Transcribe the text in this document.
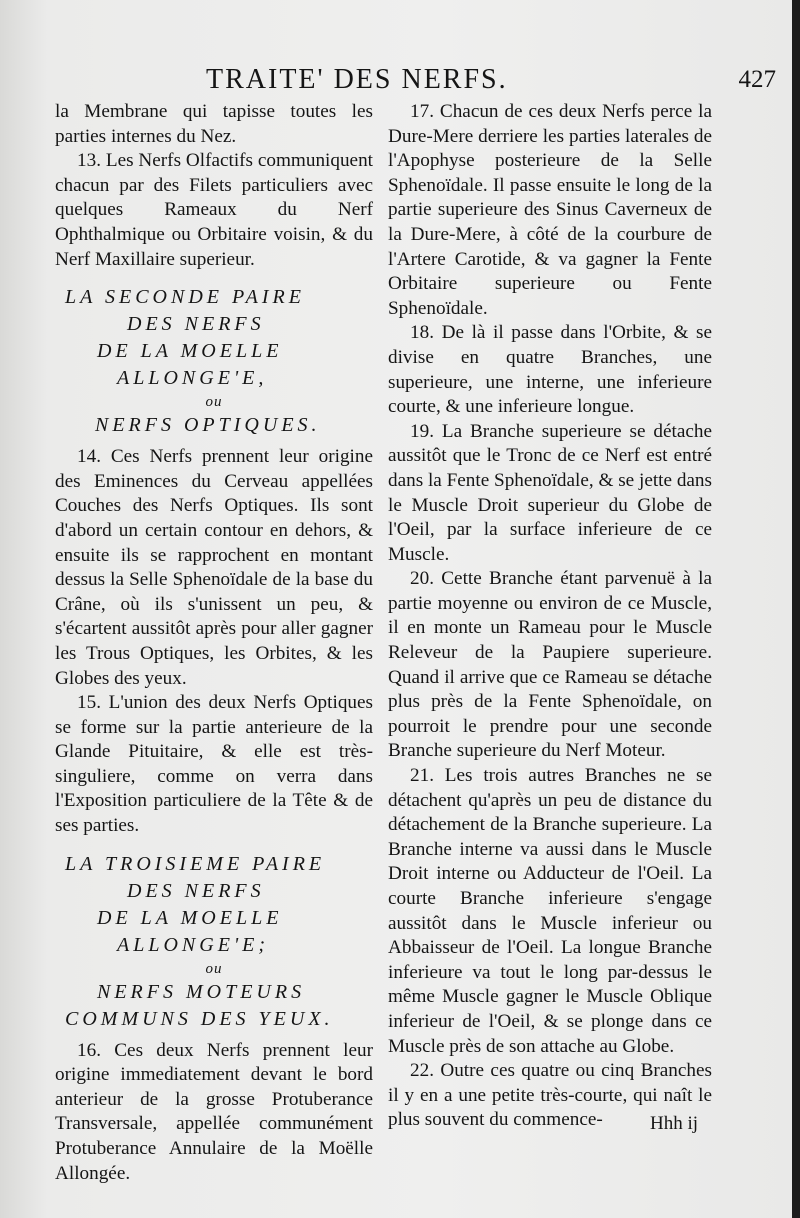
TRAITE' DES NERFS.	427

la Membrane qui tapisse toutes les parties internes du Nez.

13. Les Nerfs Olfactifs communiquent chacun par des Filets particuliers avec quelques Rameaux du Nerf Ophthalmique ou Orbitaire voisin, & du Nerf Maxillaire superieur.

LA SECONDE PAIRE

DES NERFS

DE LA MOELLE

ALLONGE'E,

ou

NERFS OPTIQUES.

14. Ces Nerfs prennent leur origine des Eminences du Cerveau appellées Couches des Nerfs Optiques. Ils sont d'abord un certain contour en dehors, & ensuite ils se rapprochent en montant dessus la Selle Sphenoïdale de la base du Crâne, où ils s'unissent un peu, & s'écartent aussitôt après pour aller gagner les Trous Optiques, les Orbites, & les Globes des yeux.

15. L'union des deux Nerfs Optiques se forme sur la partie anterieure de la Glande Pituitaire, & elle est très-singuliere, comme on verra dans l'Exposition particuliere de la Tête & de ses parties.

LA TROISIEME PAIRE

DES NERFS

DE LA MOELLE

ALLONGE'E;

ou

NERFS MOTEURS

COMMUNS DES YEUX.

16. Ces deux Nerfs prennent leur origine immediatement devant le bord anterieur de la grosse Protuberance Transversale, appellée communément Protuberance Annulaire de la Moëlle Allongée.

17. Chacun de ces deux Nerfs perce la Dure-Mere derriere les parties laterales de l'Apophyse posterieure de la Selle Sphenoïdale. Il passe ensuite le long de la partie superieure des Sinus Caverneux de la Dure-Mere, à côté de la courbure de l'Artere Carotide, & va gagner la Fente Orbitaire superieure ou Fente Sphenoïdale.

18. De là il passe dans l'Orbite, & se divise en quatre Branches, une superieure, une interne, une inferieure courte, & une inferieure longue.

19. La Branche superieure se détache aussitôt que le Tronc de ce Nerf est entré dans la Fente Sphenoïdale, & se jette dans le Muscle Droit superieur du Globe de l'Oeil, par la surface inferieure de ce Muscle.

20. Cette Branche étant parvenuë à la partie moyenne ou environ de ce Muscle, il en monte un Rameau pour le Muscle Releveur de la Paupiere superieure. Quand il arrive que ce Rameau se détache plus près de la Fente Sphenoïdale, on pourroit le prendre pour une seconde Branche superieure du Nerf Moteur.

21. Les trois autres Branches ne se détachent qu'après un peu de distance du détachement de la Branche superieure. La Branche interne va aussi dans le Muscle Droit interne ou Adducteur de l'Oeil. La courte Branche inferieure s'engage aussitôt dans le Muscle inferieur ou Abbaisseur de l'Oeil. La longue Branche inferieure va tout le long par-dessus le même Muscle gagner le Muscle Oblique inferieur de l'Oeil, & se plonge dans ce Muscle près de son attache au Globe.

22. Outre ces quatre ou cinq Branches il y en a une petite très-courte, qui naît le plus souvent du commence-	Hhh ij
